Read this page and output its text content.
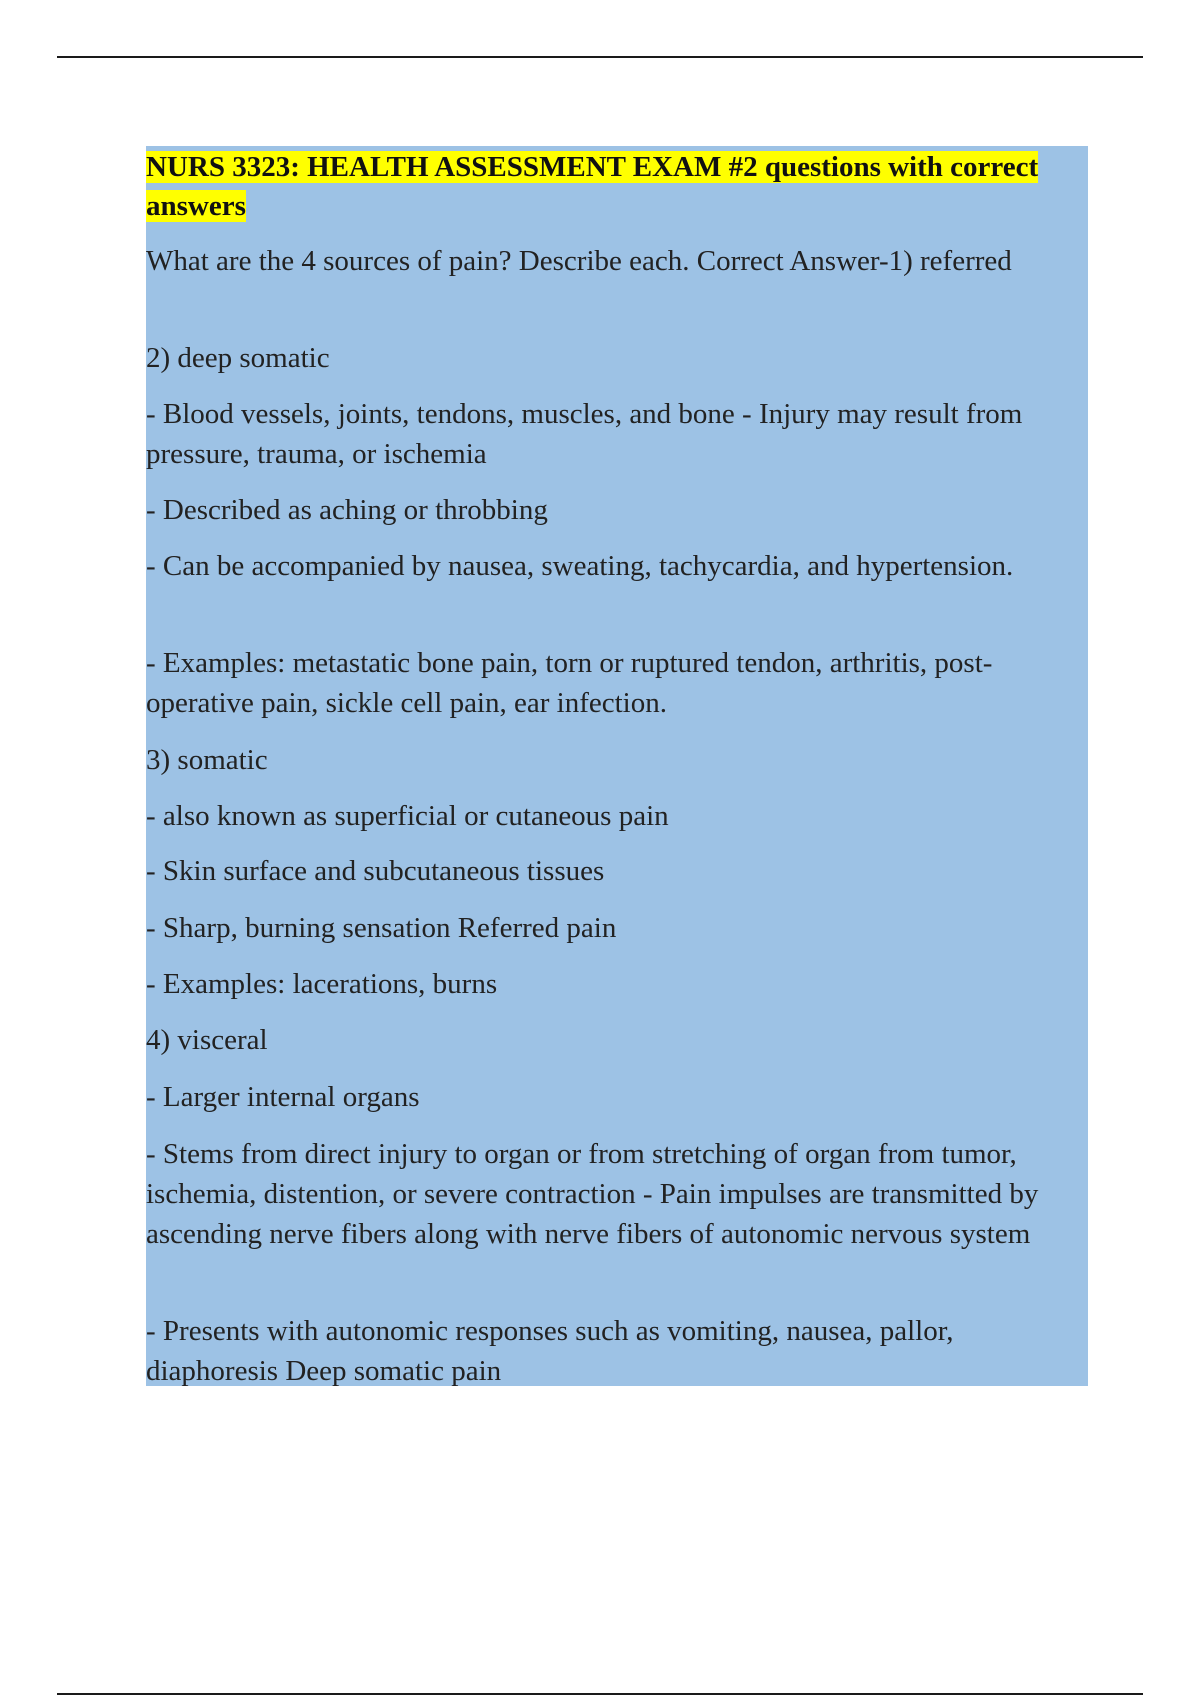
NURS 3323: HEALTH ASSESSMENT EXAM #2 questions with correct answers

What are the 4 sources of pain? Describe each. Correct Answer-1) referred

2) deep somatic

- Blood vessels, joints, tendons, muscles, and bone - Injury may result from pressure, trauma, or ischemia

- Described as aching or throbbing

- Can be accompanied by nausea, sweating, tachycardia, and hypertension.

- Examples: metastatic bone pain, torn or ruptured tendon, arthritis, post-operative pain, sickle cell pain, ear infection.

3) somatic

- also known as superficial or cutaneous pain

- Skin surface and subcutaneous tissues

- Sharp, burning sensation Referred pain

- Examples: lacerations, burns

4) visceral

- Larger internal organs

- Stems from direct injury to organ or from stretching of organ from tumor, ischemia, distention, or severe contraction - Pain impulses are transmitted by ascending nerve fibers along with nerve fibers of autonomic nervous system

- Presents with autonomic responses such as vomiting, nausea, pallor, diaphoresis Deep somatic pain
